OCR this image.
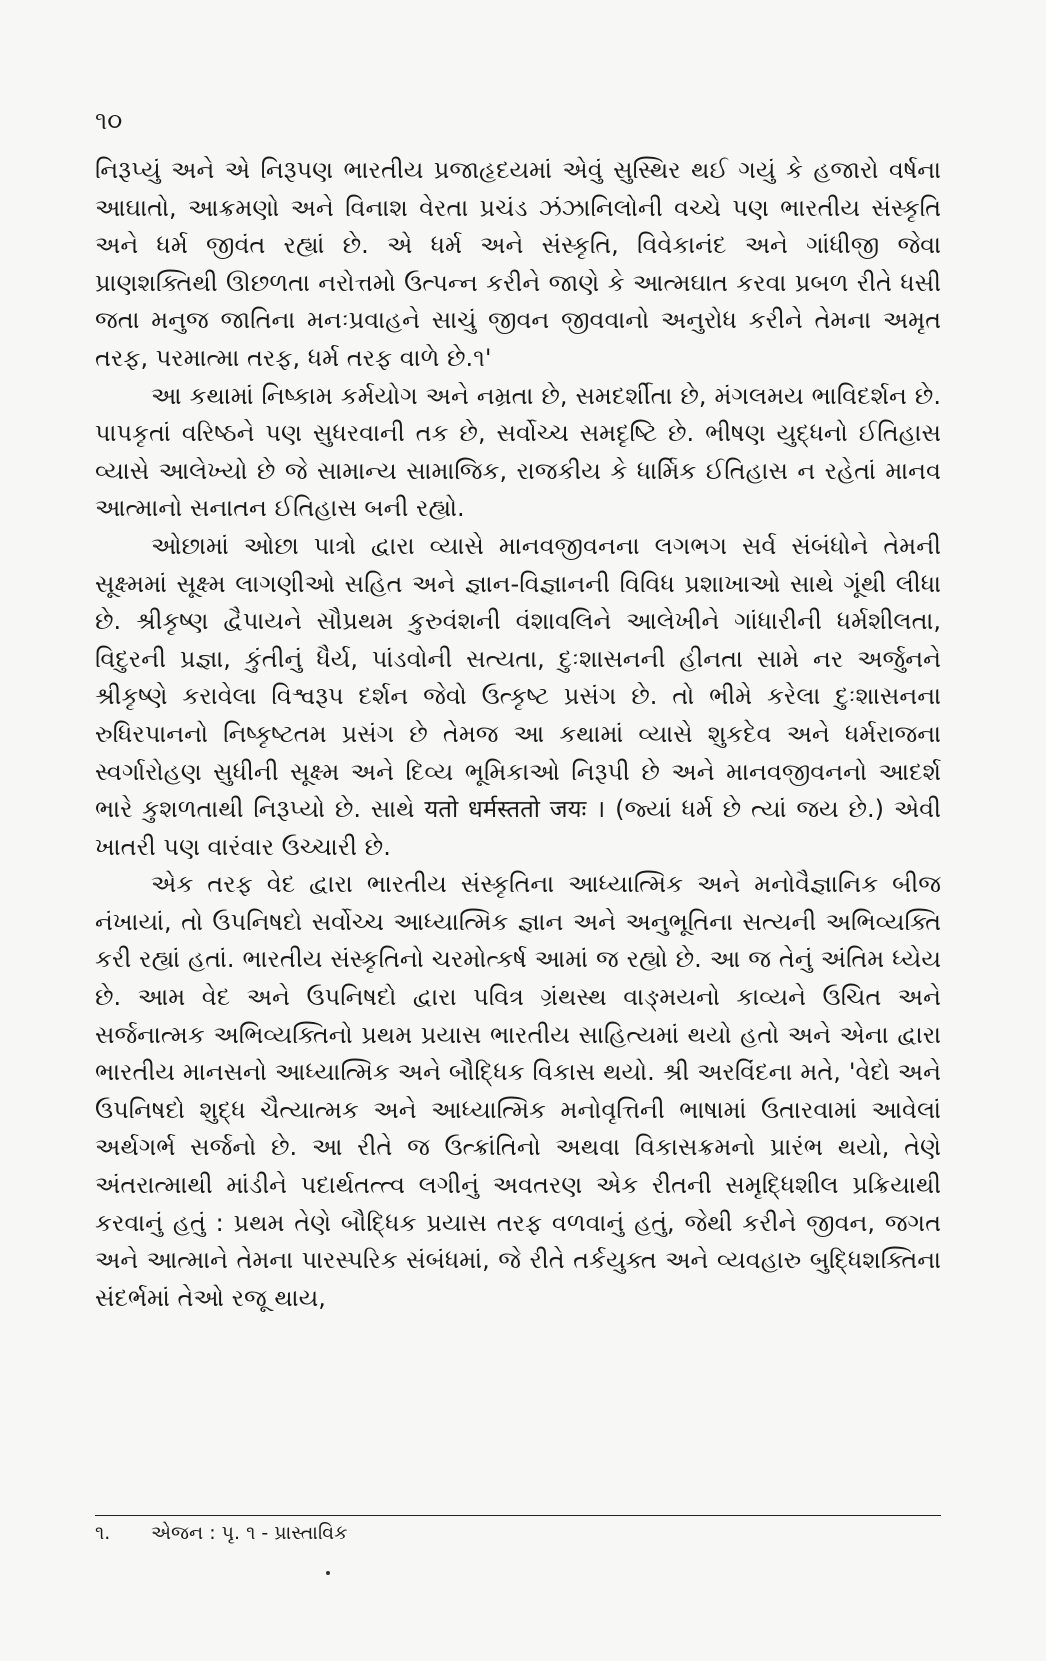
૧૦

નિરૂપ્યું અને એ નિરૂપણ ભારતીય પ્રજાહૃદયમાં એવું સુસ્થિર થઈ ગયું કે હજારો વર્ષના આઘાતો, આક્રમણો અને વિનાશ વેરતા પ્રચંડ ઝંઝાનિલોની વચ્ચે પણ ભારતીય સંસ્કૃતિ અને ધર્મ જીવંત રહ્યાં છે. એ ધર્મ અને સંસ્કૃતિ, વિવેકાનંદ અને ગાંધીજી જેવા પ્રાણશક્તિથી ઊછળતા નરોત્તમો ઉત્પન્ન કરીને જાણે કે આત્મઘાત કરવા પ્રબળ રીતે ધસી જતા મનુજ જાતિના મનઃપ્રવાહને સાચું જીવન જીવવાનો અનુરોધ કરીને તેમના અમૃત તરફ, પરમાત્મા તરફ, ધર્મ તરફ વાળે છે.૧'

આ કથામાં નિષ્કામ કર્મયોગ અને નમ્રતા છે, સમદર્શીતા છે, મંગલમય ભાવિદર્શન છે. પાપકૃતાં વરિષ્ઠને પણ સુધરવાની તક છે, સર્વોચ્ચ સમદૃષ્ટિ છે. ભીષણ યુદ્ધનો ઈતિહાસ વ્યાસે આલેખ્યો છે જે સામાન્ય સામાજિક, રાજકીય કે ધાર્મિક ઈતિહાસ ન રહેતાં માનવ આત્માનો સનાતન ઈતિહાસ બની રહ્યો.

ઓછામાં ઓછા પાત્રો દ્વારા વ્યાસે માનવજીવનના લગભગ સર્વ સંબંધોને તેમની સૂક્ષ્મમાં સૂક્ષ્મ લાગણીઓ સહિત અને જ્ઞાન-વિજ્ઞાનની વિવિધ પ્રશાખાઓ સાથે ગૂંથી લીધા છે. શ્રીકૃષ્ણ દ્વૈપાયને સૌપ્રથમ કુરુવંશની વંશાવલિને આલેખીને ગાંધારીની ધર્મશીલતા, વિદુરની પ્રજ્ઞા, કુંતીનું ધૈર્ય, પાંડવોની સત્યતા, દુઃશાસનની હીનતા સામે નર અર્જુનને શ્રીકૃષ્ણે કરાવેલા વિશ્વરૂપ દર્શન જેવો ઉત્કૃષ્ટ પ્રસંગ છે. તો ભીમે કરેલા દુઃશાસનના રુધિરપાનનો નિષ્કૃષ્ટતમ પ્રસંગ છે તેમજ આ કથામાં વ્યાસે શુકદેવ અને ધર્મરાજના સ્વર્ગારોહણ સુધીની સૂક્ષ્મ અને દિવ્ય ભૂમિકાઓ નિરૂપી છે અને માનવજીવનનો આદર્શ ભારે કુશળતાથી નિરૂપ્યો છે. સાથે यतो धर्मस्ततो जयः । (જ્યાં ધર્મ છે ત્યાં જય છે.) એવી ખાતરી પણ વારંવાર ઉચ્ચારી છે.

એક તરફ વેદ દ્વારા ભારતીય સંસ્કૃતિના આધ્યાત્મિક અને મનોવૈજ્ઞાનિક બીજ નંખાયાં, તો ઉપનિષદો સર્વોચ્ચ આધ્યાત્મિક જ્ઞાન અને અનુભૂતિના સત્યની અભિવ્યક્તિ કરી રહ્યાં હતાં. ભારતીય સંસ્કૃતિનો ચરમોત્કર્ષ આમાં જ રહ્યો છે. આ જ તેનું અંતિમ ધ્યેય છે. આમ વેદ અને ઉપનિષદો દ્વારા પવિત્ર ગ્રંથસ્થ વાઙ્મયનો કાવ્યને ઉચિત અને સર્જનાત્મક અભિવ્યક્તિનો પ્રથમ પ્રયાસ ભારતીય સાહિત્યમાં થયો હતો અને એના દ્વારા ભારતીય માનસનો આધ્યાત્મિક અને બૌદ્ધિક વિકાસ થયો. શ્રી અરવિંદના મતે, 'વેદો અને ઉપનિષદો શુદ્ધ ચૈત્યાત્મક અને આધ્યાત્મિક મનોવૃત્તિની ભાષામાં ઉતારવામાં આવેલાં અર્થગર્ભ સર્જનો છે. આ રીતે જ ઉત્ક્રાંતિનો અથવા વિકાસક્રમનો પ્રારંભ થયો, તેણે અંતરાત્માથી માંડીને પદાર્થતત્ત્વ લગીનું અવતરણ એક રીતની સમૃદ્ધિશીલ પ્રક્રિયાથી કરવાનું હતું : પ્રથમ તેણે બૌદ્ધિક પ્રયાસ તરફ વળવાનું હતું, જેથી કરીને જીવન, જગત અને આત્માને તેમના પારસ્પરિક સંબંધમાં, જે રીતે તર્કયુક્ત અને વ્યવહારુ બુદ્ધિશક્તિના સંદર્ભમાં તેઓ રજૂ થાય,

૧. એજન : પૃ. ૧ - પ્રાસ્તાવિક
